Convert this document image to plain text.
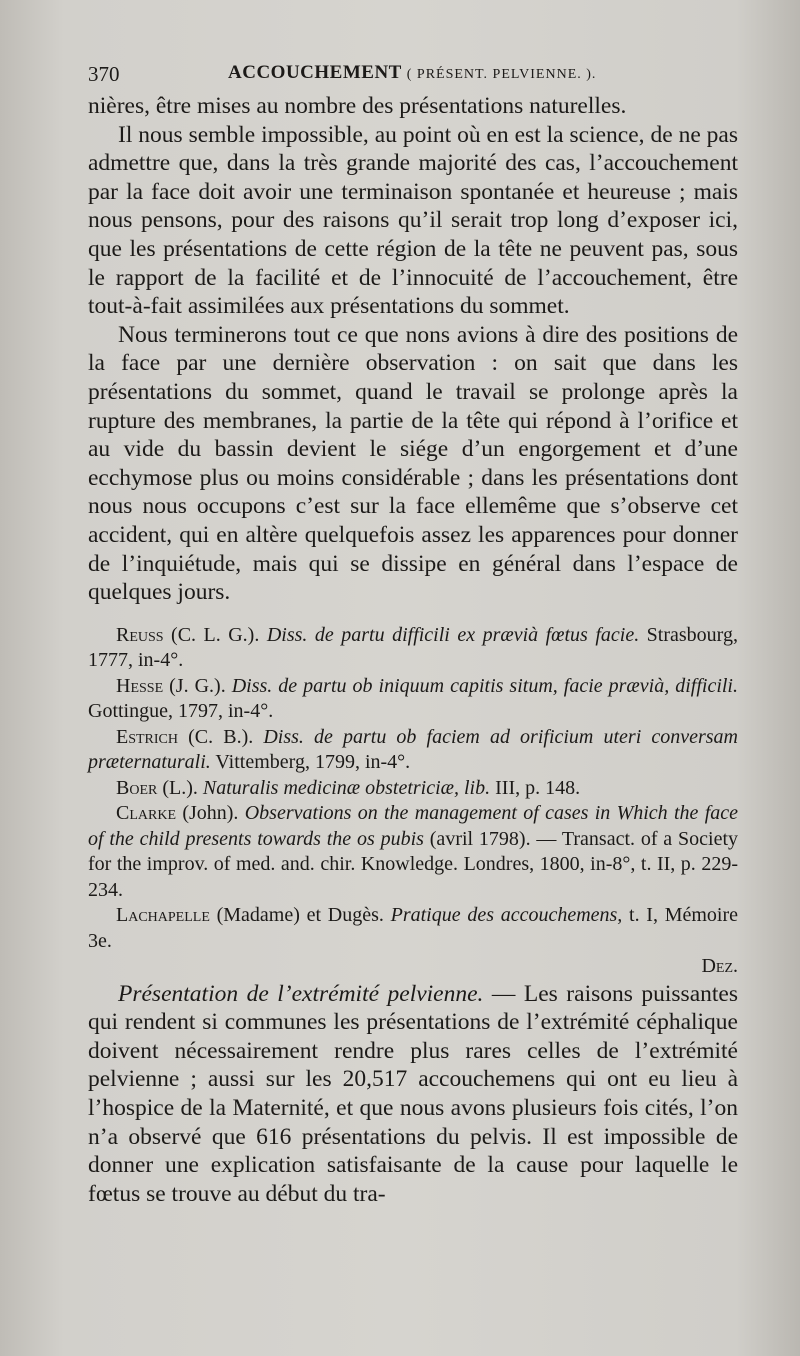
370	ACCOUCHEMENT ( PRÉSENT. PELVIENNE. ).

nières, être mises au nombre des présentations naturelles.

Il nous semble impossible, au point où en est la science, de ne pas admettre que, dans la très grande majorité des cas, l’accouchement par la face doit avoir une terminaison spontanée et heureuse ; mais nous pensons, pour des raisons qu’il serait trop long d’exposer ici, que les présentations de cette région de la tête ne peuvent pas, sous le rapport de la facilité et de l’innocuité de l’accouchement, être tout-à-fait assimilées aux présentations du sommet.

Nous terminerons tout ce que nons avions à dire des positions de la face par une dernière observation : on sait que dans les présentations du sommet, quand le travail se prolonge après la rupture des membranes, la partie de la tête qui répond à l’orifice et au vide du bassin devient le siége d’un engorgement et d’une ecchymose plus ou moins considérable ; dans les présentations dont nous nous occupons c’est sur la face ellemême que s’observe cet accident, qui en altère quelquefois assez les apparences pour donner de l’inquiétude, mais qui se dissipe en général dans l’espace de quelques jours.

Reuss (C. L. G.). Diss. de partu difficili ex prævià fœtus facie. Strasbourg, 1777, in-4°.

Hesse (J. G.). Diss. de partu ob iniquum capitis situm, facie prævià, difficili. Gottingue, 1797, in-4°.

Estrich (C. B.). Diss. de partu ob faciem ad orificium uteri conversam præternaturali. Vittemberg, 1799, in-4°.

Boer (L.). Naturalis medicinæ obstetriciæ, lib. III, p. 148.

Clarke (John). Observations on the management of cases in Which the face of the child presents towards the os pubis (avril 1798). — Transact. of a Society for the improv. of med. and. chir. Knowledge. Londres, 1800, in-8°, t. II, p. 229-234.

Lachapelle (Madame) et Dugès. Pratique des accouchemens, t. I, Mémoire 3e.

Dez.

Présentation de l’extrémité pelvienne. — Les raisons puissantes qui rendent si communes les présentations de l’extrémité céphalique doivent nécessairement rendre plus rares celles de l’extrémité pelvienne ; aussi sur les 20,517 accouchemens qui ont eu lieu à l’hospice de la Maternité, et que nous avons plusieurs fois cités, l’on n’a observé que 616 présentations du pelvis. Il est impossible de donner une explication satisfaisante de la cause pour laquelle le fœtus se trouve au début du tra-
